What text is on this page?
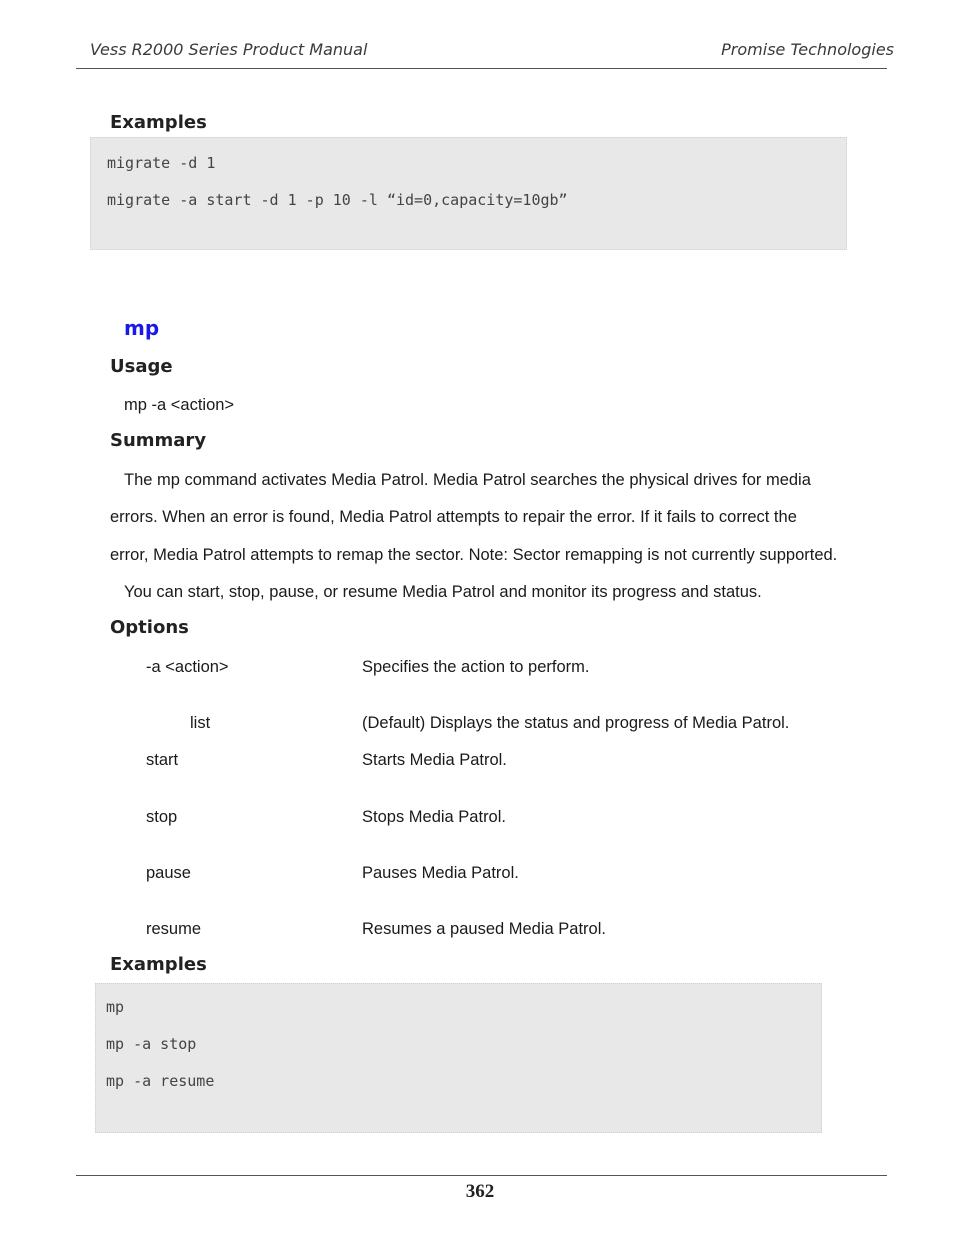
Vess R2000 Series Product Manual	Promise Technologies
Examples
migrate -d 1
migrate -a start -d 1 -p 10 -l “id=0,capacity=10gb”
mp
Usage
mp -a <action>
Summary
The mp command activates Media Patrol. Media Patrol searches the physical drives for media
errors. When an error is found, Media Patrol attempts to repair the error. If it fails to correct the
error, Media Patrol attempts to remap the sector. Note: Sector remapping is not currently supported.
You can start, stop, pause, or resume Media Patrol and monitor its progress and status.
Options
-a <action>	Specifies the action to perform.
list	(Default) Displays the status and progress of Media Patrol.
start	Starts Media Patrol.
stop	Stops Media Patrol.
pause	Pauses Media Patrol.
resume	Resumes a paused Media Patrol.
Examples
mp
mp -a stop
mp -a resume
362
